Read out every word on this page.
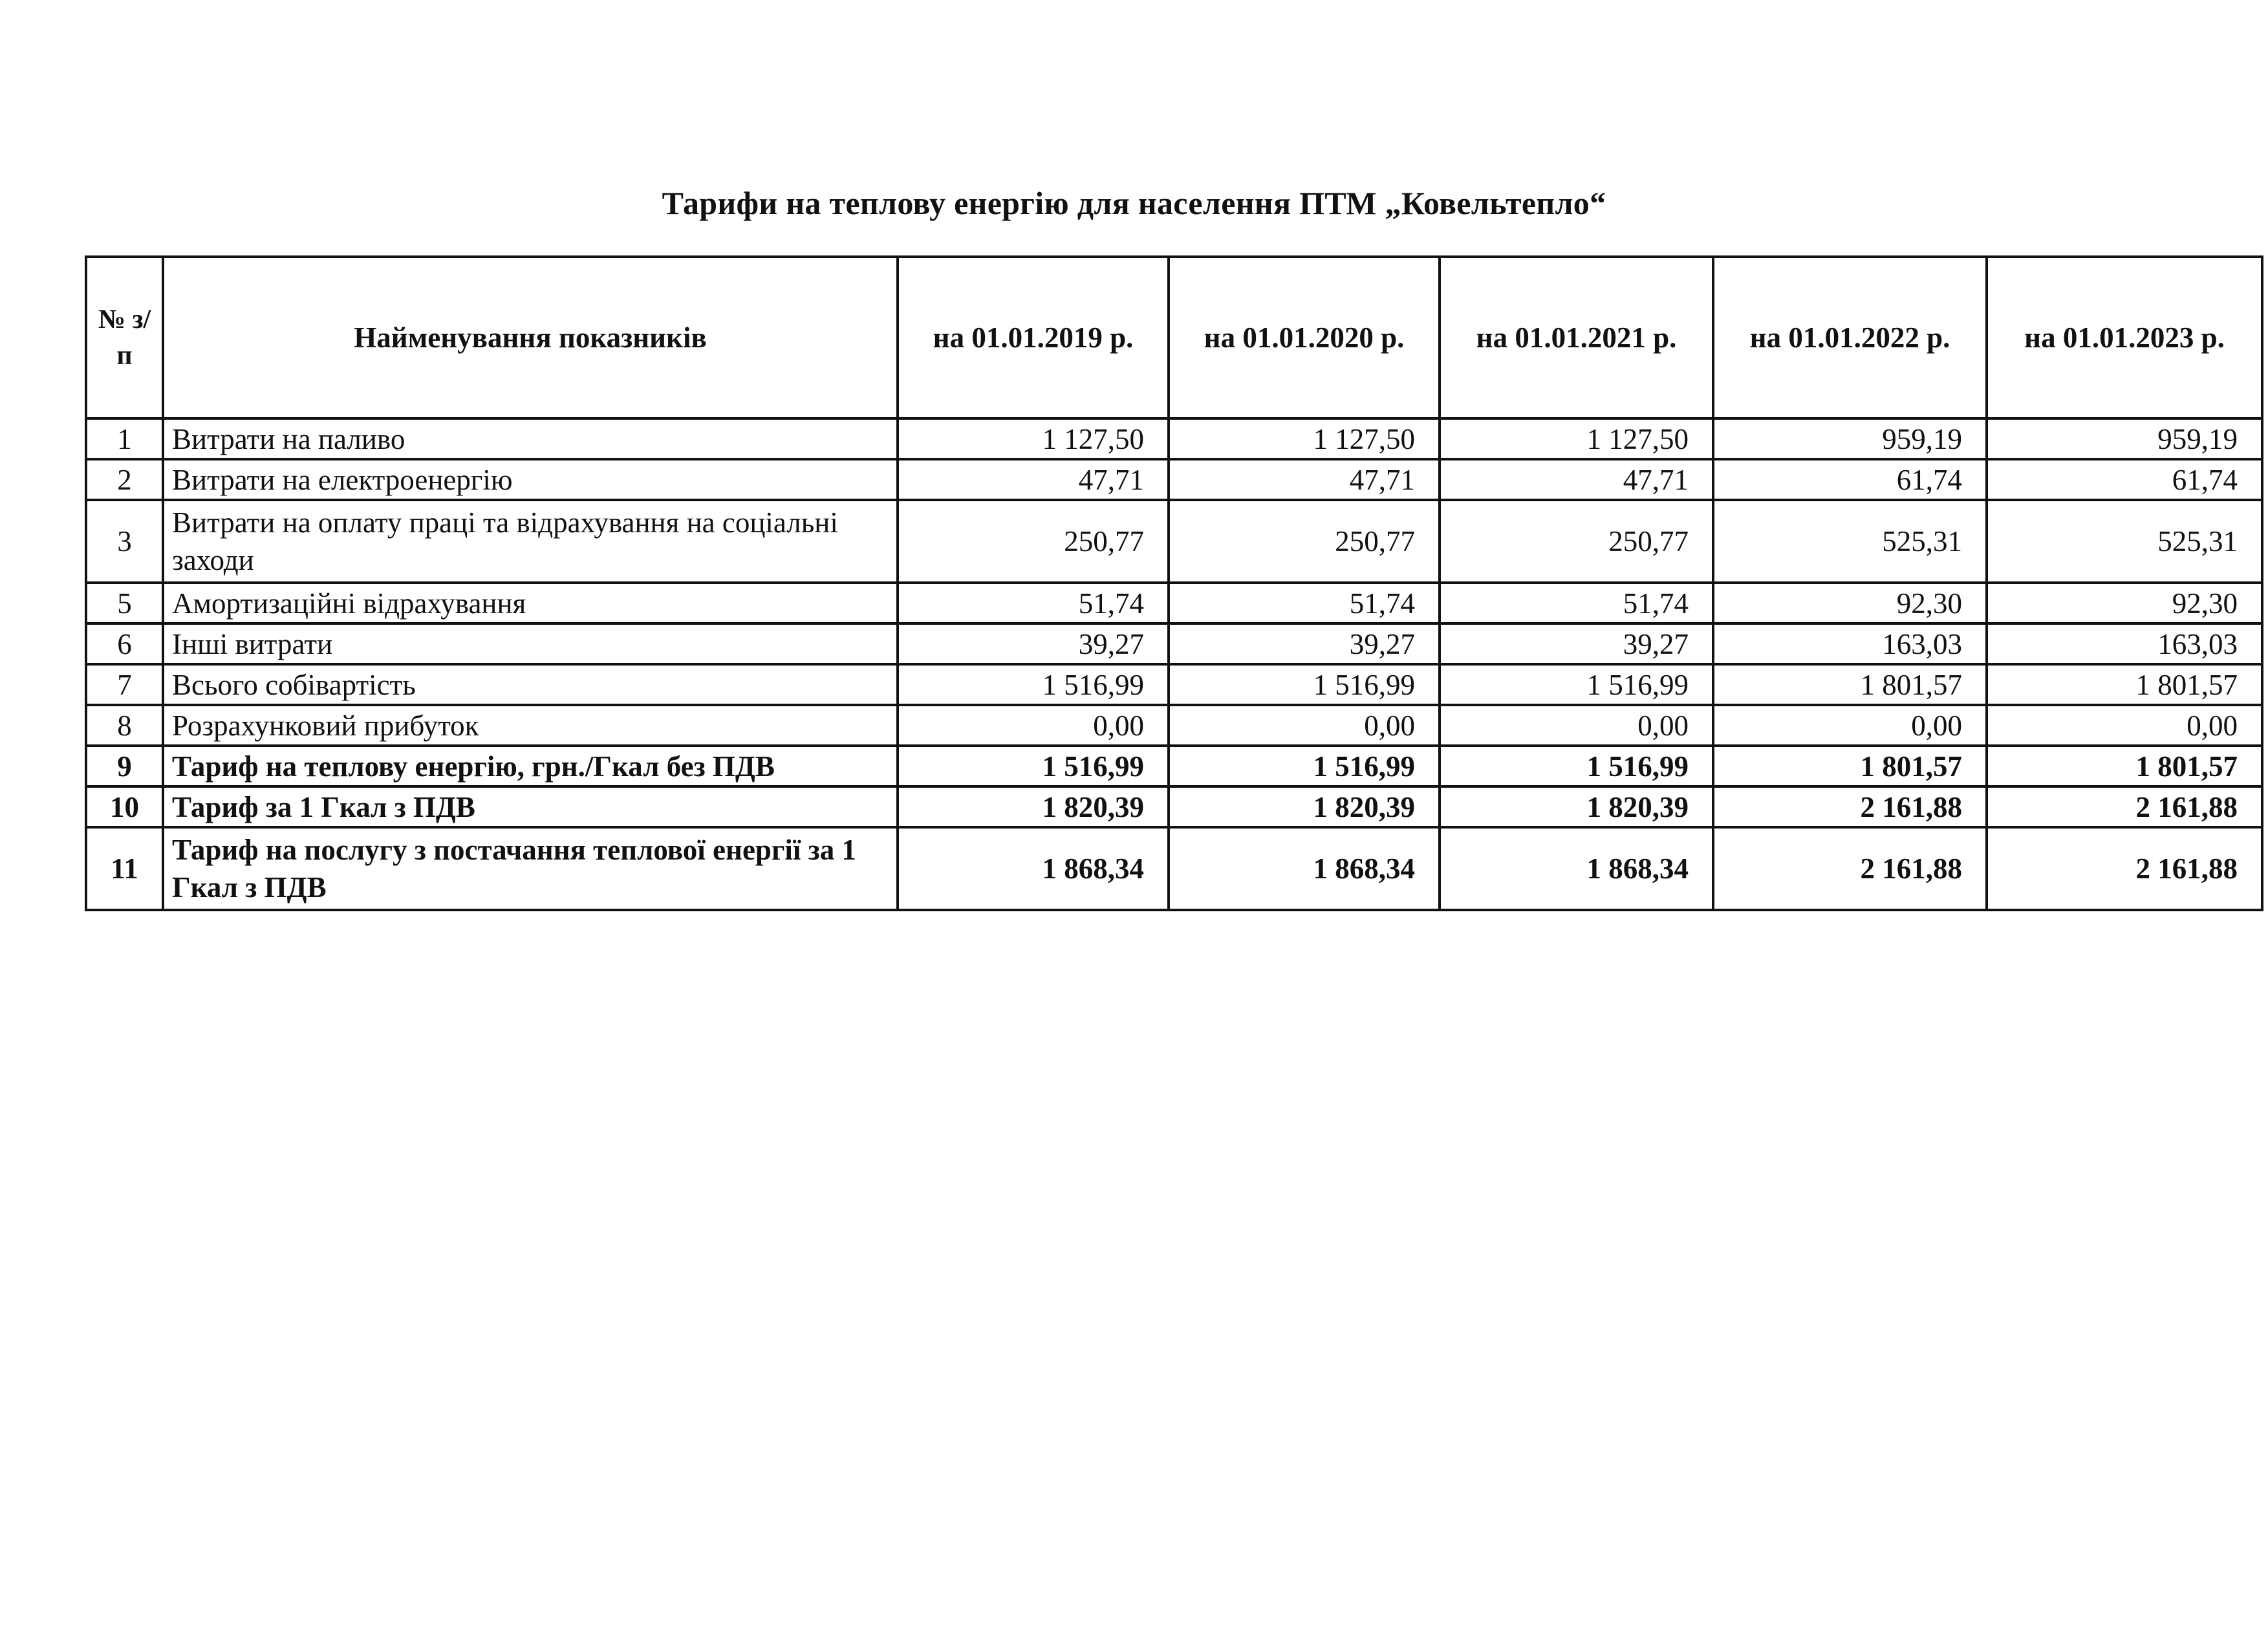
Тарифи на теплову енергію для населення ПТМ „Ковельтепло“
№ з/п	Найменування показників	на 01.01.2019 р.	на 01.01.2020 р.	на 01.01.2021 р.	на 01.01.2022 р.	на 01.01.2023 р.
1	Витрати на паливо	1 127,50	1 127,50	1 127,50	959,19	959,19
2	Витрати на електроенергію	47,71	47,71	47,71	61,74	61,74
3	Витрати на оплату праці та відрахування на соціальні заходи	250,77	250,77	250,77	525,31	525,31
5	Амортизаційні відрахування	51,74	51,74	51,74	92,30	92,30
6	Інші витрати	39,27	39,27	39,27	163,03	163,03
7	Всього собівартість	1 516,99	1 516,99	1 516,99	1 801,57	1 801,57
8	Розрахунковий прибуток	0,00	0,00	0,00	0,00	0,00
9	Тариф на теплову енергію, грн./Гкал без ПДВ	1 516,99	1 516,99	1 516,99	1 801,57	1 801,57
10	Тариф за 1 Гкал з ПДВ	1 820,39	1 820,39	1 820,39	2 161,88	2 161,88
11	Тариф на послугу з постачання теплової енергії за 1 Гкал з ПДВ	1 868,34	1 868,34	1 868,34	2 161,88	2 161,88
